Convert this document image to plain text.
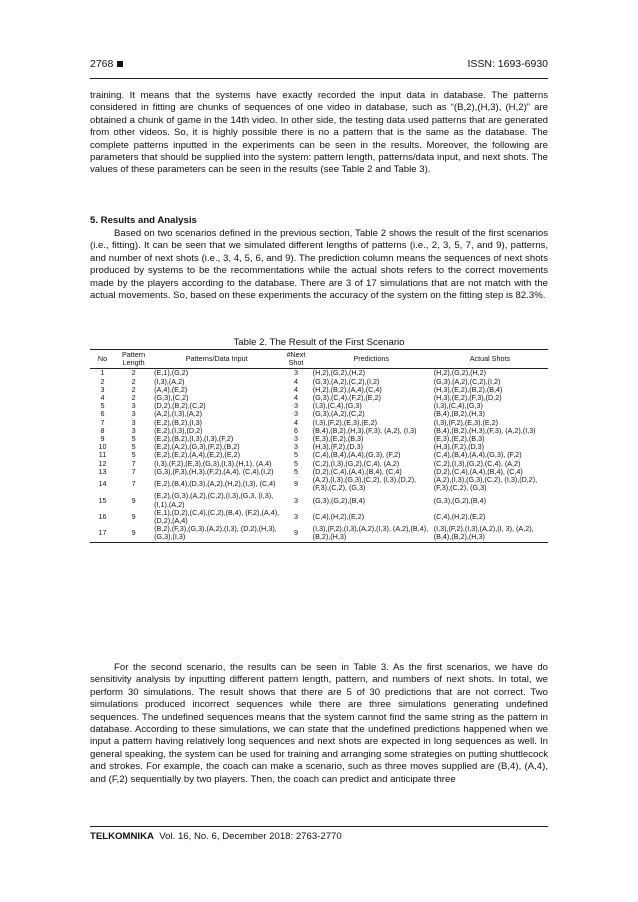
2768	ISSN: 1693-6930

training. It means that the systems have exactly recorded the input data in database. The patterns considered in fitting are chunks of sequences of one video in database, such as “(B,2),(H,3), (H,2)” are obtained a chunk of game in the 14th video. In other side, the testing data used patterns that are generated from other videos. So, it is highly possible there is no a pattern that is the same as the database. The complete patterns inputted in the experiments can be seen in the results. Moreover, the following are parameters that should be supplied into the system: pattern length, patterns/data input, and next shots. The values of these parameters can be seen in the results (see Table 2 and Table 3).

5. Results and Analysis

Based on two scenarios defined in the previous section, Table 2 shows the result of the first scenarios (i.e., fitting). It can be seen that we simulated different lengths of patterns (i.e., 2, 3, 5, 7, and 9), patterns, and number of next shots (i.e., 3, 4, 5, 6, and 9). The prediction column means the sequences of next shots produced by systems to be the recommentations while the actual shots refers to the correct movements made by the players according to the database. There are 3 of 17 simulations that are not match with the actual movements. So, based on these experiments the accuracy of the system on the fitting step is 82.3%.

Table 2. The Result of the First Scenario

No	Pattern Length	Patterns/Data Input	#Next Shot	Predictions	Actual Shots
1	2	(E,1),(G,2)	3	(H,2),(G,2),(H,2)	(H,2),(G,2),(H,2)
2	2	(I,3),(A,2)	4	(G,3),(A,2),(C,2),(I,2)	(G,3),(A,2),(C,2),(I,2)
3	2	(A,4),(E,2)	4	(H,2),(B,2),(A,4),(C,4)	(H,3),(E,2),(B,2),(B,4)
4	2	(G,3),(C,2)	4	(G,3),(C,4),(F,2),(E,2)	(H,3),(E,2),(F,3),(D,2)
5	3	(D,2),(B,2),(C,2)	3	(I,3),(C,4),(G,3)	(I,3),(C,4),(G,3)
6	3	(A,2),(I,3),(A,2)	3	(G,3),(A,2),(C,2)	(B,4),(B,2),(H,3)
7	3	(E,2),(B,2),(I,3)	4	(I,3),(F,2),(E,3),(E,2)	(I,3),(F,2),(E,3),(E,2)
8	3	(E,2),(I,3),(D,2)	6	(B,4),(B,2),(H,3),(F,3), (A,2), (I,3)	(B,4),(B,2),(H,3),(F,3), (A,2),(I,3)
9	5	(E,2),(B,2),(I,3),(I,3),(F,2)	3	(E,3),(E,2),(B,3)	(E,3),(E,2),(B,3)
10	5	(E,2),(A,2),(G,3),(F,2),(B,2)	3	(H,3),(F,2),(D,3)	(H,3),(F,2),(D,3)
11	5	(E,2),(E,2),(A,4),(E,2),(E,2)	5	(C,4),(B,4),(A,4),(G,3), (F,2)	(C,4),(B,4),(A,4),(G,3), (F,2)
12	7	(I,3),(F,2),(E,3),(G,3),(I,3),(H,1), (A,4)	5	(C,2),(I,3),(G,2),(C,4), (A,2)	(C,2),(I,3),(G,2),(C,4), (A,2)
13	7	(G,3),(F,3),(H,3),(F,2),(A,4), (C,4),(I,2)	5	(D,2),(C,4),(A,4),(B,4), (C,4)	(D,2),(C,4),(A,4),(B,4), (C,4)
14	7	(E,2),(B,4),(D,3),(A,2),(H,2),(I,3), (C,4)	9	(A,2),(I,3),(G,3),(C,2), (I,3),(D,2),(F,3),(C,2), (G,3)	(A,2),(I,3),(G,3),(C,2), (I,3),(D,2),(F,3),(C,2), (G,3)
15	9	(E,2),(G,3),(A,2),(C,2),(I,3),(G,3, (I,3),(I,1),(A,2)	3	(G,3),(G,2),(B,4)	(G,3),(G,2),(B,4)
16	9	(E,1),(D,2),(C,4),(C,2),(B,4), (F,2),(A,4),(D,2),(A,4)	3	(C,4),(H,2),(E,2)	(C,4),(H,2),(E,2)
17	9	(B,2),(F,3),(G,3),(A,2),(I,3), (D,2),(H,3),(G,3),(I,3)	9	(I,3),(F,2),(I,3),(A,2),(I,3), (A,2),(B,4),(B,2),(H,3)	(I,3),(F,2),(I,3),(A,2),(I, 3), (A,2),(B,4),(B,2),(H,3)

For the second scenario, the results can be seen in Table 3. As the first scenarios, we have do sensitivity analysis by inputting different pattern length, pattern, and numbers of next shots. In total, we perform 30 simulations. The result shows that there are 5 of 30 predictions that are not correct. Two simulations produced incorrect sequences while there are three simulations generating undefined sequences. The undefined sequences means that the system cannot find the same string as the pattern in database. According to these simulations, we can state that the undefined predictions happened when we input a pattern having relatively long sequences and next shots are expected in long sequences as well. In general speaking, the system can be used for training and arranging some strategies on putting shuttlecock and strokes. For example, the coach can make a scenario, such as three moves supplied are (B,4), (A,4), and (F,2) sequentially by two players. Then, the coach can predict and anticipate three

TELKOMNIKA Vol. 16, No. 6, December 2018: 2763-2770
